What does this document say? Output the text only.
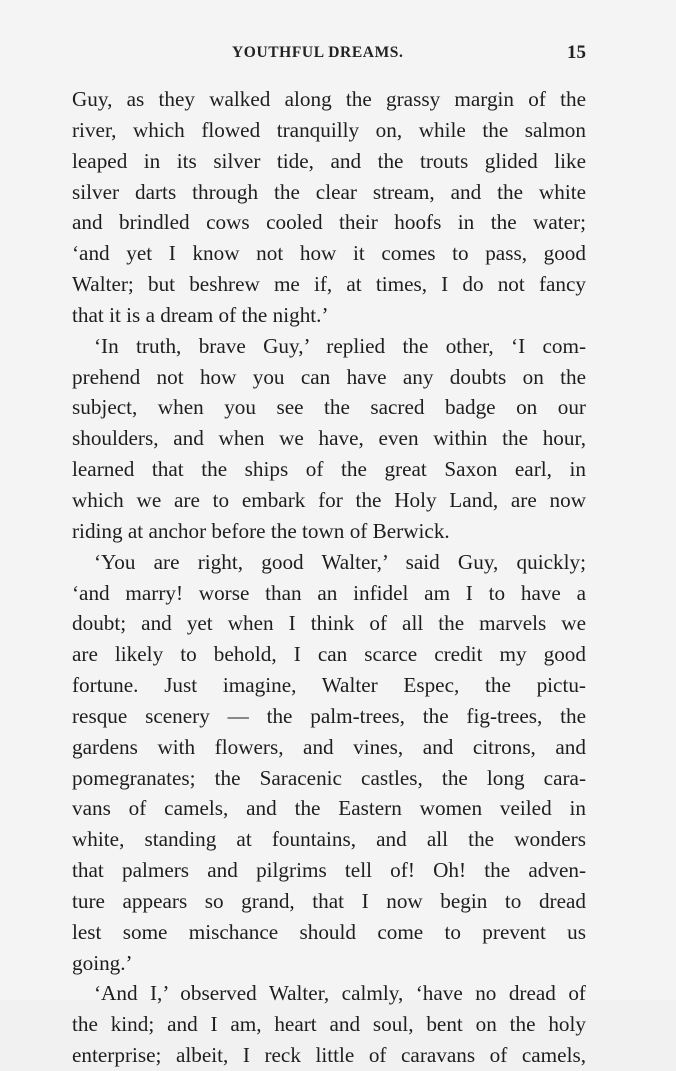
YOUTHFUL DREAMS.	15
Guy, as they walked along the grassy margin of the
river, which flowed tranquilly on, while the salmon
leaped in its silver tide, and the trouts glided like
silver darts through the clear stream, and the white
and brindled cows cooled their hoofs in the water;
‘and yet I know not how it comes to pass, good
Walter; but beshrew me if, at times, I do not fancy
that it is a dream of the night.’
‘In truth, brave Guy,’ replied the other, ‘I com-
prehend not how you can have any doubts on the
subject, when you see the sacred badge on our
shoulders, and when we have, even within the hour,
learned that the ships of the great Saxon earl, in
which we are to embark for the Holy Land, are now
riding at anchor before the town of Berwick.
‘You are right, good Walter,’ said Guy, quickly;
‘and marry! worse than an infidel am I to have a
doubt; and yet when I think of all the marvels we
are likely to behold, I can scarce credit my good
fortune. Just imagine, Walter Espec, the pictu-
resque scenery — the palm-trees, the fig-trees, the
gardens with flowers, and vines, and citrons, and
pomegranates; the Saracenic castles, the long cara-
vans of camels, and the Eastern women veiled in
white, standing at fountains, and all the wonders
that palmers and pilgrims tell of! Oh! the adven-
ture appears so grand, that I now begin to dread
lest some mischance should come to prevent us
going.’
‘And I,’ observed Walter, calmly, ‘have no dread of
the kind; and I am, heart and soul, bent on the holy
enterprise; albeit, I reck little of caravans of camels,
